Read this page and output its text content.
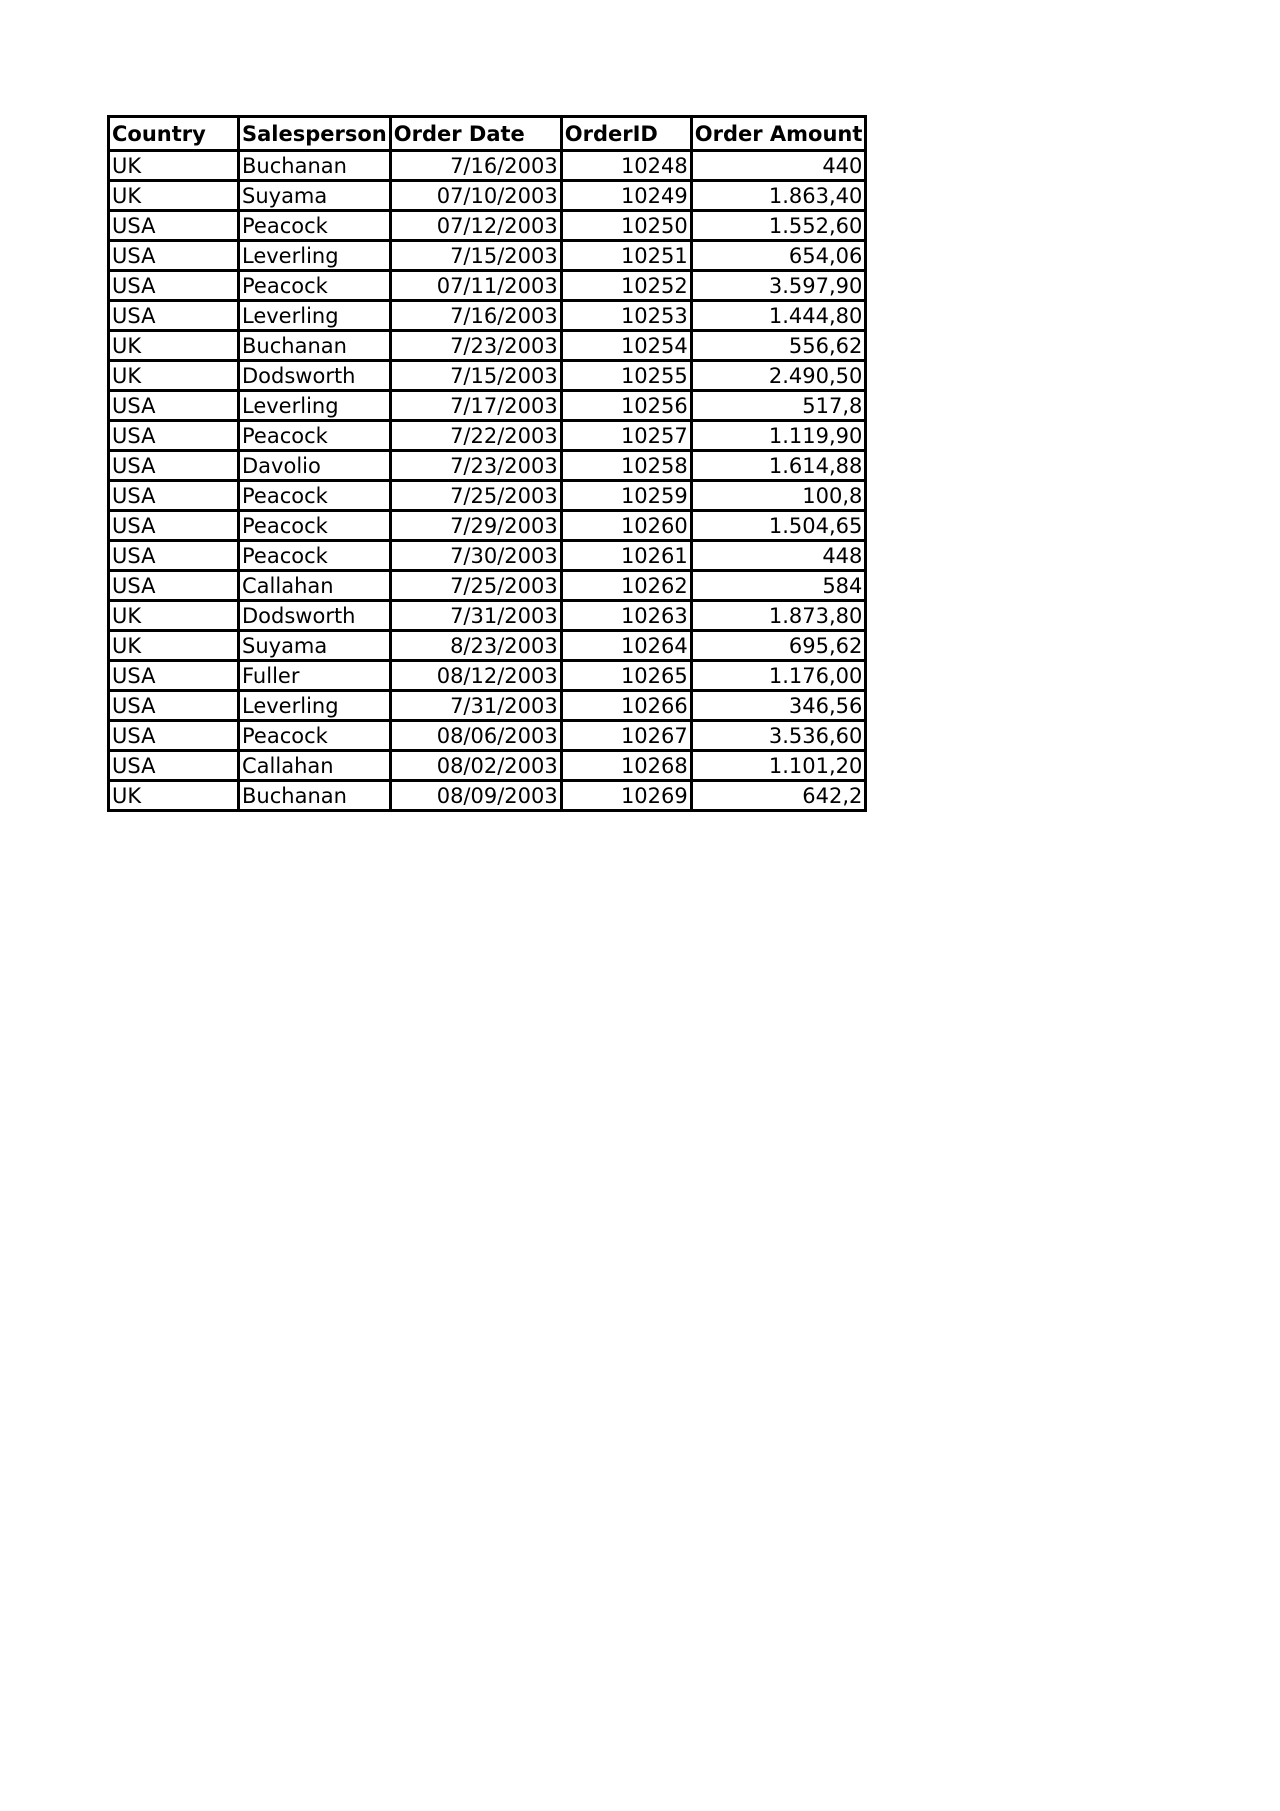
Country	Salesperson	Order Date	OrderID	Order Amount
UK	Buchanan	7/16/2003	10248	440
UK	Suyama	07/10/2003	10249	1.863,40
USA	Peacock	07/12/2003	10250	1.552,60
USA	Leverling	7/15/2003	10251	654,06
USA	Peacock	07/11/2003	10252	3.597,90
USA	Leverling	7/16/2003	10253	1.444,80
UK	Buchanan	7/23/2003	10254	556,62
UK	Dodsworth	7/15/2003	10255	2.490,50
USA	Leverling	7/17/2003	10256	517,8
USA	Peacock	7/22/2003	10257	1.119,90
USA	Davolio	7/23/2003	10258	1.614,88
USA	Peacock	7/25/2003	10259	100,8
USA	Peacock	7/29/2003	10260	1.504,65
USA	Peacock	7/30/2003	10261	448
USA	Callahan	7/25/2003	10262	584
UK	Dodsworth	7/31/2003	10263	1.873,80
UK	Suyama	8/23/2003	10264	695,62
USA	Fuller	08/12/2003	10265	1.176,00
USA	Leverling	7/31/2003	10266	346,56
USA	Peacock	08/06/2003	10267	3.536,60
USA	Callahan	08/02/2003	10268	1.101,20
UK	Buchanan	08/09/2003	10269	642,2
